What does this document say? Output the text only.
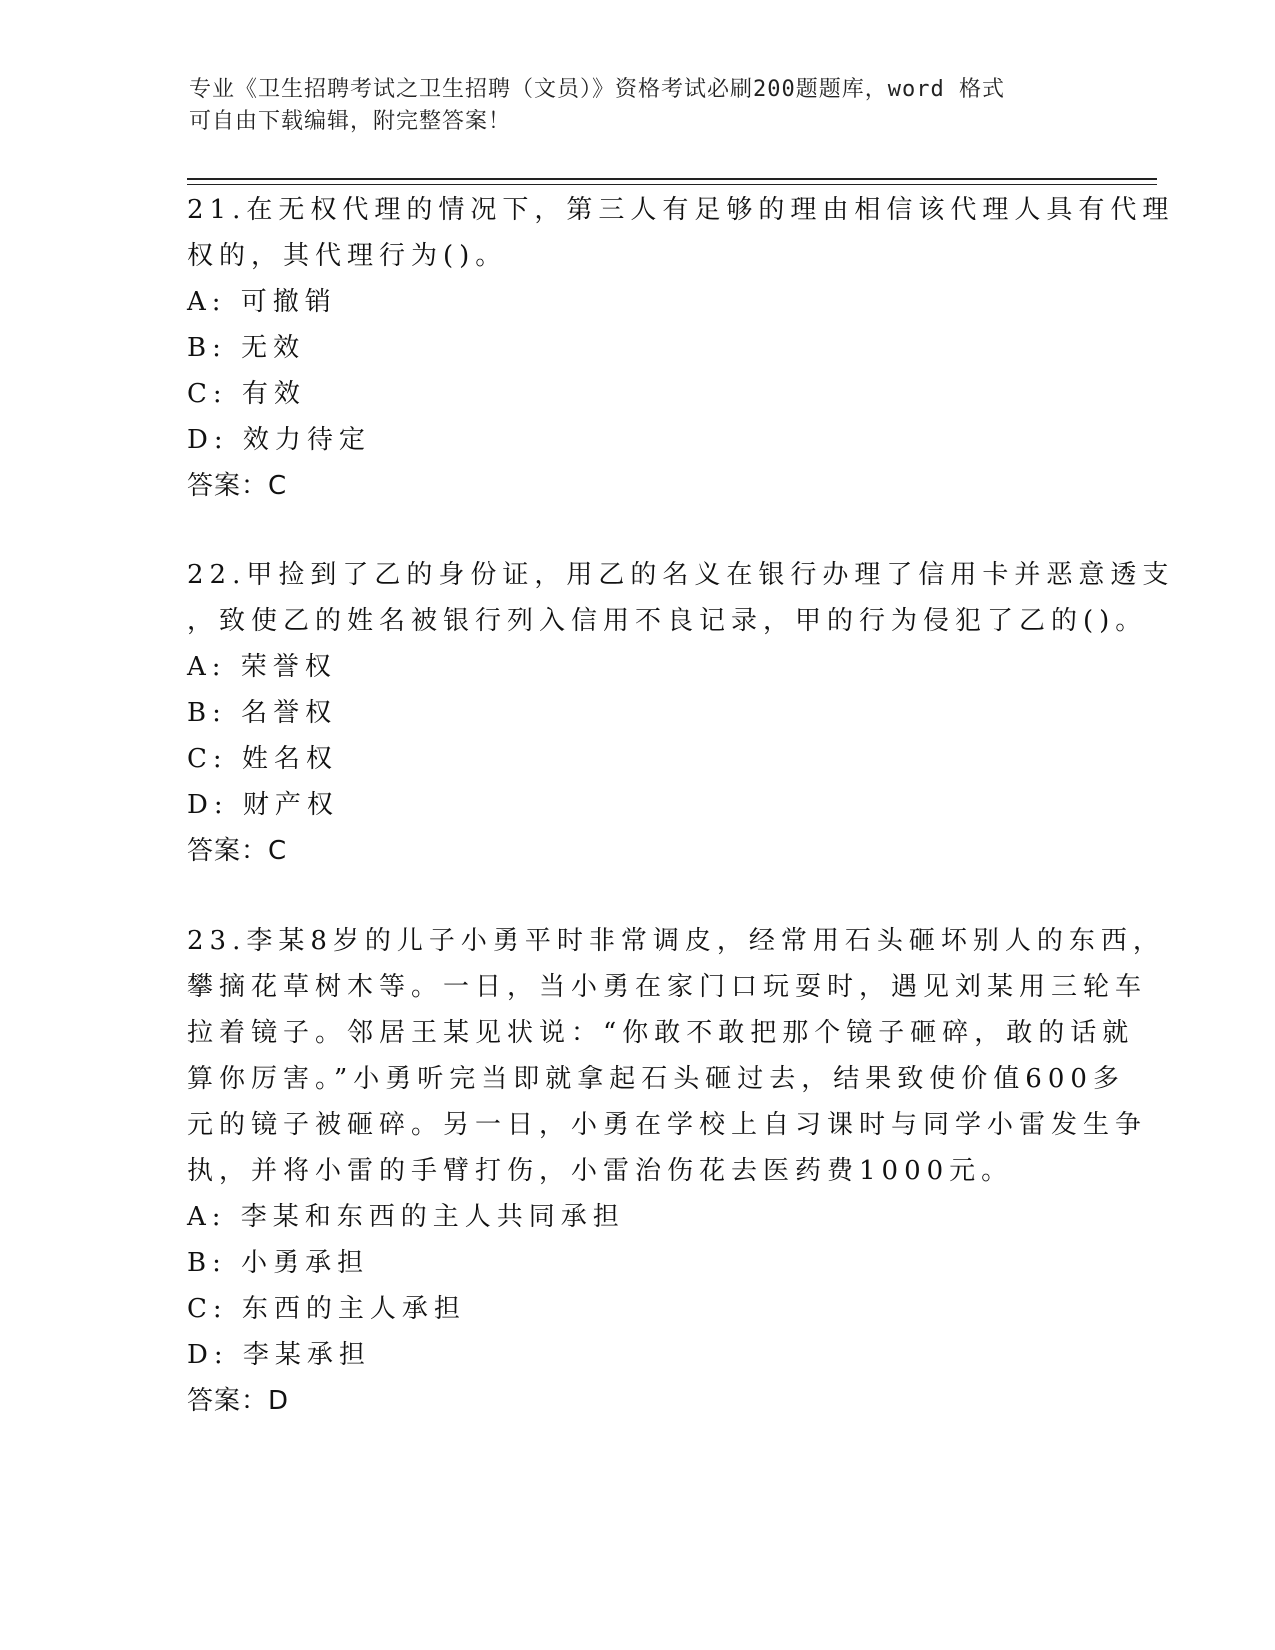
专业《卫生招聘考试之卫生招聘（文员）》资格考试必刷200题题库，word 格式
可自由下载编辑，附完整答案！
21.在无权代理的情况下，第三人有足够的理由相信该代理人具有代理
权的，其代理行为()。
A: 可撤销
B: 无效
C: 有效
D: 效力待定
答案：C
22.甲捡到了乙的身份证，用乙的名义在银行办理了信用卡并恶意透支
，致使乙的姓名被银行列入信用不良记录，甲的行为侵犯了乙的()。
A: 荣誉权
B: 名誉权
C: 姓名权
D: 财产权
答案：C
23.李某8岁的儿子小勇平时非常调皮，经常用石头砸坏别人的东西，
攀摘花草树木等。一日，当小勇在家门口玩耍时，遇见刘某用三轮车
拉着镜子。邻居王某见状说：“你敢不敢把那个镜子砸碎，敢的话就
算你厉害。”小勇听完当即就拿起石头砸过去，结果致使价值600多
元的镜子被砸碎。另一日，小勇在学校上自习课时与同学小雷发生争
执，并将小雷的手臂打伤，小雷治伤花去医药费1000元。
A: 李某和东西的主人共同承担
B: 小勇承担
C: 东西的主人承担
D: 李某承担
答案：D
